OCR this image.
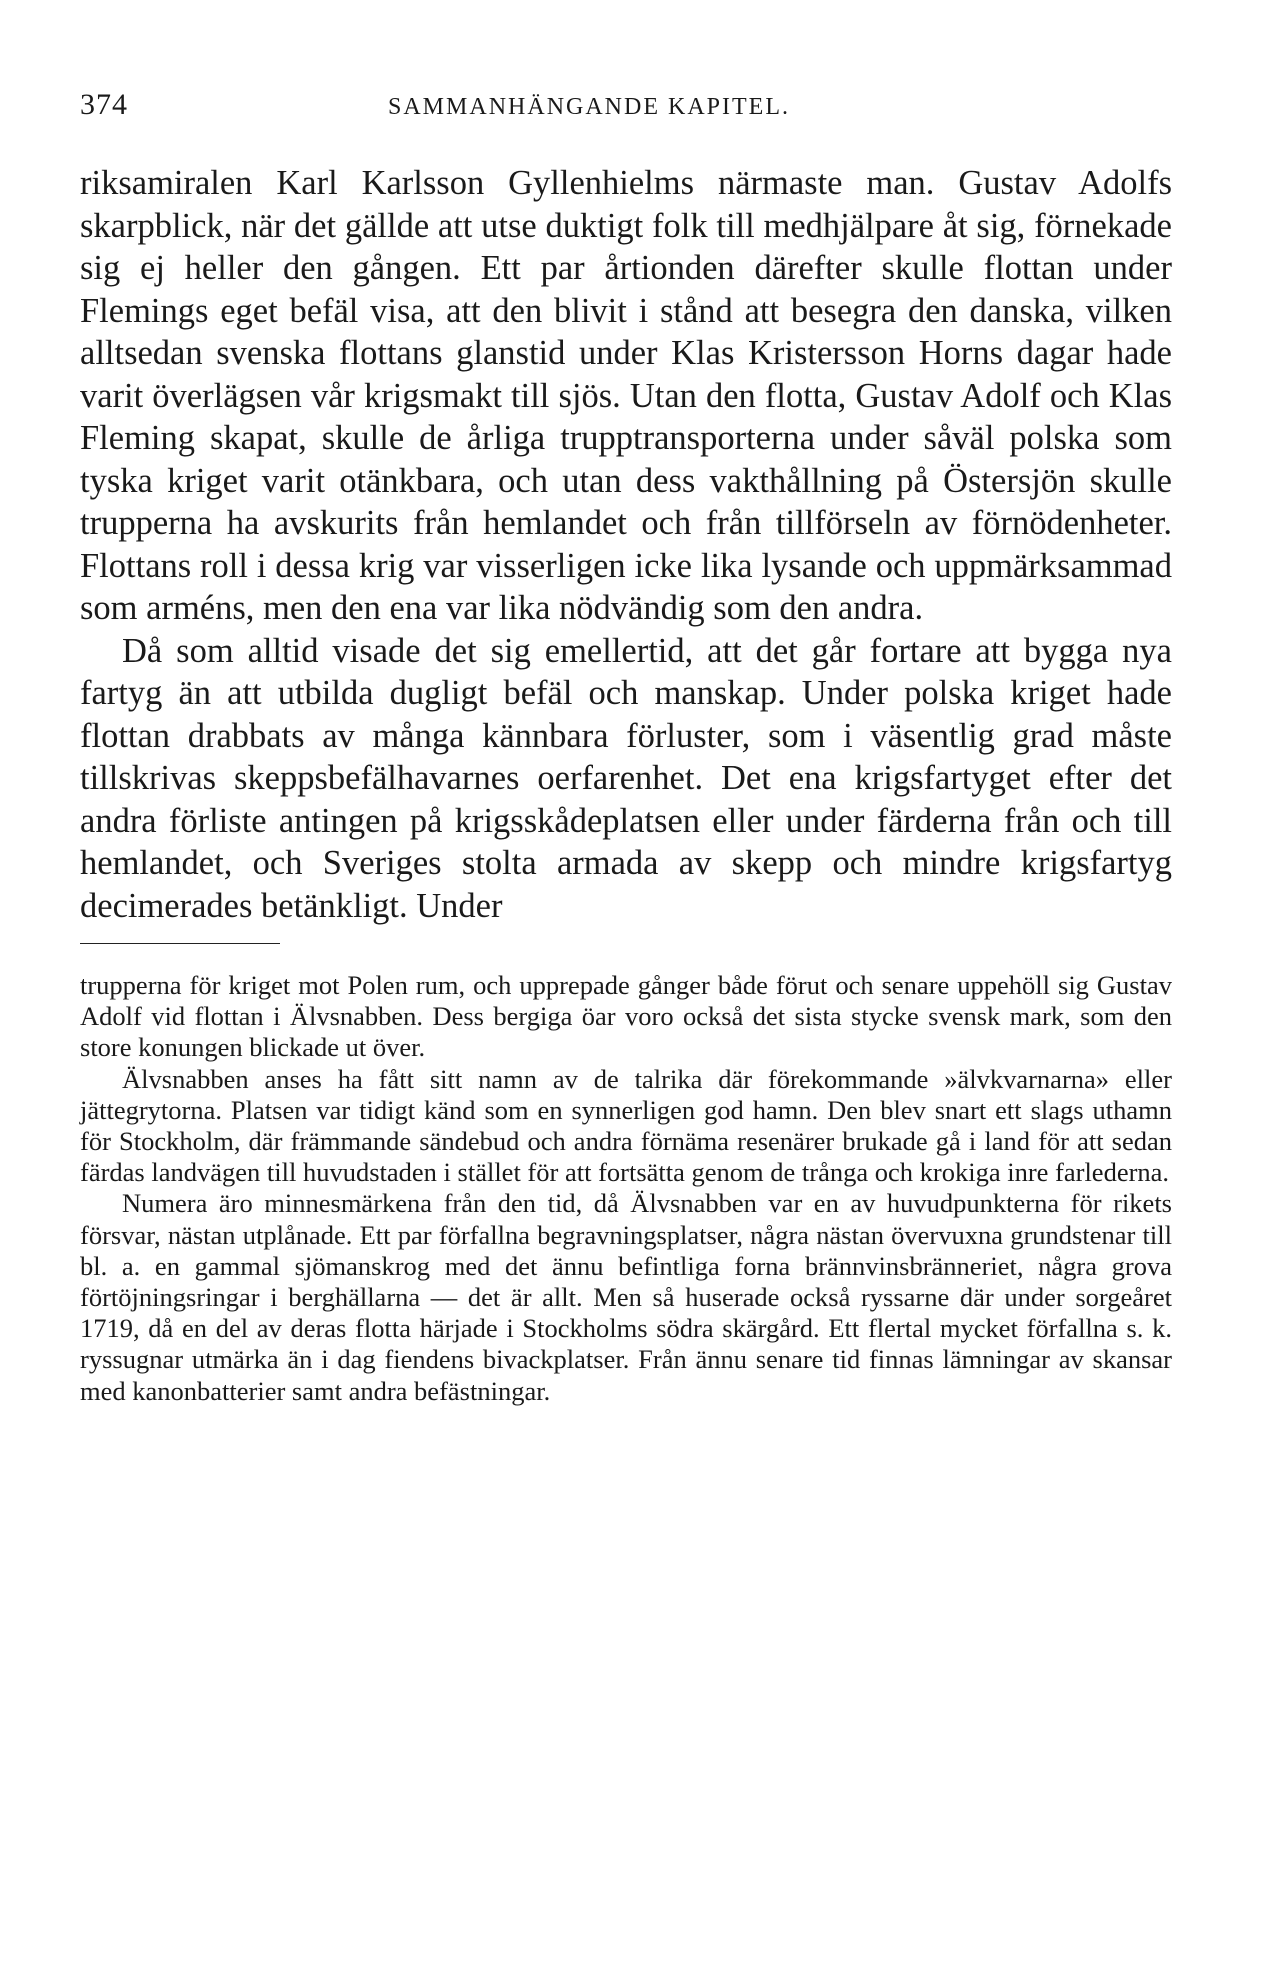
374	SAMMANHÄNGANDE KAPITEL.

riksamiralen Karl Karlsson Gyllenhielms närmaste man. Gustav Adolfs skarpblick, när det gällde att utse duktigt folk till medhjälpare åt sig, förnekade sig ej heller den gången. Ett par årtionden därefter skulle flottan under Flemings eget befäl visa, att den blivit i stånd att besegra den danska, vilken alltsedan svenska flottans glanstid under Klas Kristersson Horns dagar hade varit överlägsen vår krigsmakt till sjös. Utan den flotta, Gustav Adolf och Klas Fleming skapat, skulle de årliga trupptransporterna under såväl polska som tyska kriget varit otänkbara, och utan dess vakthållning på Östersjön skulle trupperna ha avskurits från hemlandet och från tillförseln av förnödenheter. Flottans roll i dessa krig var visserligen icke lika lysande och uppmärksammad som arméns, men den ena var lika nödvändig som den andra.

Då som alltid visade det sig emellertid, att det går fortare att bygga nya fartyg än att utbilda dugligt befäl och manskap. Under polska kriget hade flottan drabbats av många kännbara förluster, som i väsentlig grad måste tillskrivas skeppsbefälhavarnes oerfarenhet. Det ena krigsfartyget efter det andra förliste antingen på krigsskådeplatsen eller under färderna från och till hemlandet, och Sveriges stolta armada av skepp och mindre krigsfartyg decimerades betänkligt. Under

trupperna för kriget mot Polen rum, och upprepade gånger både förut och senare uppehöll sig Gustav Adolf vid flottan i Älvsnabben. Dess bergiga öar voro också det sista stycke svensk mark, som den store konungen blickade ut över.

Älvsnabben anses ha fått sitt namn av de talrika där förekommande »älvkvarnarna» eller jättegrytorna. Platsen var tidigt känd som en synnerligen god hamn. Den blev snart ett slags uthamn för Stockholm, där främmande sändebud och andra förnäma resenärer brukade gå i land för att sedan färdas landvägen till huvudstaden i stället för att fortsätta genom de trånga och krokiga inre farlederna.

Numera äro minnesmärkena från den tid, då Älvsnabben var en av huvudpunkterna för rikets försvar, nästan utplånade. Ett par förfallna begravningsplatser, några nästan övervuxna grundstenar till bl. a. en gammal sjömanskrog med det ännu befintliga forna brännvinsbränneriet, några grova förtöjningsringar i berghällarna — det är allt. Men så huserade också ryssarne där under sorgeåret 1719, då en del av deras flotta härjade i Stockholms södra skärgård. Ett flertal mycket förfallna s. k. ryssugnar utmärka än i dag fiendens bivackplatser. Från ännu senare tid finnas lämningar av skansar med kanonbatterier samt andra befästningar.
